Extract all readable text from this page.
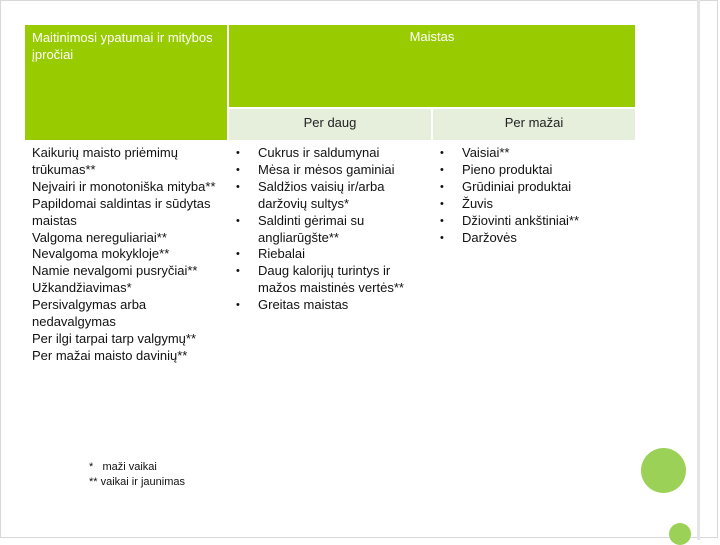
Maitinimosi ypatumai ir mitybos įpročiai
Maistas
Per daug	Per mažai
Kaikurių maisto priėmimų trūkumas**
Nejvairi ir monotoniška mityba**
Papildomai saldintas ir sūdytas maistas
Valgoma nereguliariai**
Nevalgoma mokykloje**
Namie nevalgomi pusryčiai**
Užkandžiavimas*
Persivalgymas arba nedavalgymas
Per ilgi tarpai tarp valgymų**
Per mažai maisto davinių**
• Cukrus ir saldumynai
• Mėsa ir mėsos gaminiai
• Saldžios vaisių ir/arba daržovių sultys*
• Saldinti gėrimai su angliarūgšte**
• Riebalai
• Daug kalorijų turintys ir mažos maistinės vertės**
• Greitas maistas
• Vaisiai**
• Pieno produktai
• Grūdiniai produktai
• Žuvis
• Džiovinti ankštiniai**
• Daržovės
*   maži vaikai
** vaikai ir jaunimas
